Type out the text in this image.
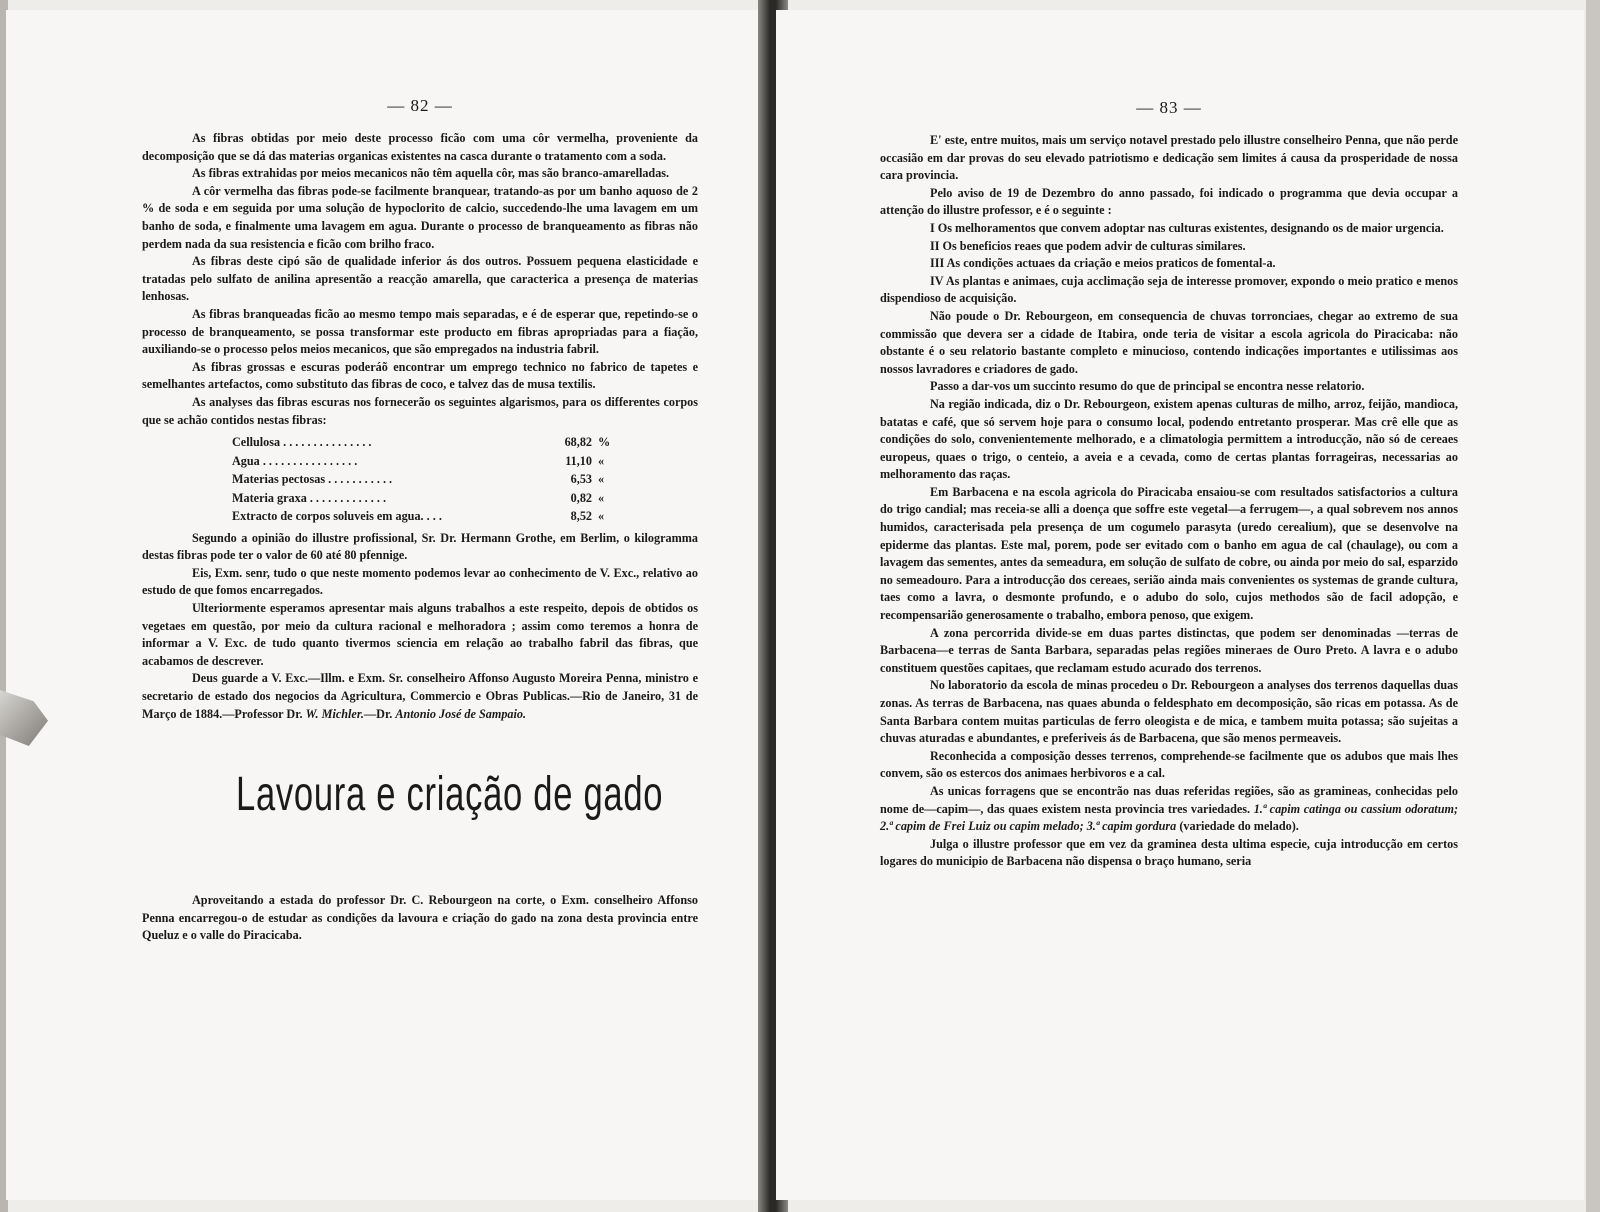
— 82 —

As fibras obtidas por meio deste processo ficão com uma côr vermelha, proveniente da decomposição que se dá das materias organicas existentes na casca durante o tratamento com a soda.

As fibras extrahidas por meios mecanicos não têm aquella côr, mas são branco-amarelladas.

A côr vermelha das fibras pode-se facilmente branquear, tratando-as por um banho aquoso de 2 % de soda e em seguida por uma solução de hypoclorito de calcio, succedendo-lhe uma lavagem em um banho de soda, e finalmente uma lavagem em agua. Durante o processo de branqueamento as fibras não perdem nada da sua resistencia e ficão com brilho fraco.

As fibras deste cipó são de qualidade inferior ás dos outros. Possuem pequena elasticidade e tratadas pelo sulfato de anilina apresentão a reacção amarella, que caracterica a presença de materias lenhosas.

As fibras branqueadas ficão ao mesmo tempo mais separadas, e é de esperar que, repetindo-se o processo de branqueamento, se possa transformar este producto em fibras apropriadas para a fiação, auxiliando-se o processo pelos meios mecanicos, que são empregados na industria fabril.

As fibras grossas e escuras poderáõ encontrar um emprego technico no fabrico de tapetes e semelhantes artefactos, como substituto das fibras de coco, e talvez das de musa textilis.

As analyses das fibras escuras nos fornecerão os seguintes algarismos, para os differentes corpos que se achão contidos nestas fibras:

Cellulosa . . . . . . . . . . . . . . .	68,82	%
Agua . . . . . . . . . . . . . . . .	11,10	«
Materias pectosas . . . . . . . . . . .	6,53	«
Materia graxa . . . . . . . . . . . . .	0,82	«
Extracto de corpos soluveis em agua. . . .	8,52	«

Segundo a opinião do illustre profissional, Sr. Dr. Hermann Grothe, em Berlim, o kilogramma destas fibras pode ter o valor de 60 até 80 pfennige.

Eis, Exm. senr, tudo o que neste momento podemos levar ao conhecimento de V. Exc., relativo ao estudo de que fomos encarregados.

Ulteriormente esperamos apresentar mais alguns trabalhos a este respeito, depois de obtidos os vegetaes em questão, por meio da cultura racional e melhoradora ; assim como teremos a honra de informar a V. Exc. de tudo quanto tivermos sciencia em relação ao trabalho fabril das fibras, que acabamos de descrever.

Deus guarde a V. Exc.—Illm. e Exm. Sr. conselheiro Affonso Augusto Moreira Penna, ministro e secretario de estado dos negocios da Agricultura, Commercio e Obras Publicas.—Rio de Janeiro, 31 de Março de 1884.—Professor Dr. W. Michler.—Dr. Antonio José de Sampaio.

Lavoura e criação de gado

Aproveitando a estada do professor Dr. C. Rebourgeon na corte, o Exm. conselheiro Affonso Penna encarregou-o de estudar as condições da lavoura e criação do gado na zona desta provincia entre Queluz e o valle do Piracicaba.

— 83 —

E' este, entre muitos, mais um serviço notavel prestado pelo illustre conselheiro Penna, que não perde occasião em dar provas do seu elevado patriotismo e dedicação sem limites á causa da prosperidade de nossa cara provincia.

Pelo aviso de 19 de Dezembro do anno passado, foi indicado o programma que devia occupar a attenção do illustre professor, e é o seguinte :

I Os melhoramentos que convem adoptar nas culturas existentes, designando os de maior urgencia.

II Os beneficios reaes que podem advir de culturas similares.

III As condições actuaes da criação e meios praticos de fomental-a.

IV As plantas e animaes, cuja acclimação seja de interesse promover, expondo o meio pratico e menos dispendioso de acquisição.

Não poude o Dr. Rebourgeon, em consequencia de chuvas torronciaes, chegar ao extremo de sua commissão que devera ser a cidade de Itabira, onde teria de visitar a escola agricola do Piracicaba: não obstante é o seu relatorio bastante completo e minucioso, contendo indicações importantes e utilissimas aos nossos lavradores e criadores de gado.

Passo a dar-vos um succinto resumo do que de principal se encontra nesse relatorio.

Na região indicada, diz o Dr. Rebourgeon, existem apenas culturas de milho, arroz, feijão, mandioca, batatas e café, que só servem hoje para o consumo local, podendo entretanto prosperar. Mas crê elle que as condições do solo, convenientemente melhorado, e a climatologia permittem a introducção, não só de cereaes europeus, quaes o trigo, o centeio, a aveia e a cevada, como de certas plantas forrageiras, necessarias ao melhoramento das raças.

Em Barbacena e na escola agricola do Piracicaba ensaiou-se com resultados satisfactorios a cultura do trigo candial; mas receia-se alli a doença que soffre este vegetal—a ferrugem—, a qual sobrevem nos annos humidos, caracterisada pela presença de um cogumelo parasyta (uredo cerealium), que se desenvolve na epiderme das plantas. Este mal, porem, pode ser evitado com o banho em agua de cal (chaulage), ou com a lavagem das sementes, antes da semeadura, em solução de sulfato de cobre, ou ainda por meio do sal, esparzido no semeadouro. Para a introducção dos cereaes, serião ainda mais convenientes os systemas de grande cultura, taes como a lavra, o desmonte profundo, e o adubo do solo, cujos methodos são de facil adopção, e recompensarião generosamente o trabalho, embora penoso, que exigem.

A zona percorrida divide-se em duas partes distinctas, que podem ser denominadas —terras de Barbacena—e terras de Santa Barbara, separadas pelas regiões mineraes de Ouro Preto. A lavra e o adubo constituem questões capitaes, que reclamam estudo acurado dos terrenos.

No laboratorio da escola de minas procedeu o Dr. Rebourgeon a analyses dos terrenos daquellas duas zonas. As terras de Barbacena, nas quaes abunda o feldesphato em decomposição, são ricas em potassa. As de Santa Barbara contem muitas particulas de ferro oleogista e de mica, e tambem muita potassa; são sujeitas a chuvas aturadas e abundantes, e preferiveis ás de Barbacena, que são menos permeaveis.

Reconhecida a composição desses terrenos, comprehende-se facilmente que os adubos que mais lhes convem, são os estercos dos animaes herbivoros e a cal.

As unicas forragens que se encontrão nas duas referidas regiões, são as gramineas, conhecidas pelo nome de—capim—, das quaes existem nesta provincia tres variedades. 1.ª capim catinga ou cassium odoratum; 2.ª capim de Frei Luiz ou capim melado; 3.ª capim gordura (variedade do melado).

Julga o illustre professor que em vez da graminea desta ultima especie, cuja introducção em certos logares do municipio de Barbacena não dispensa o braço humano, seria
